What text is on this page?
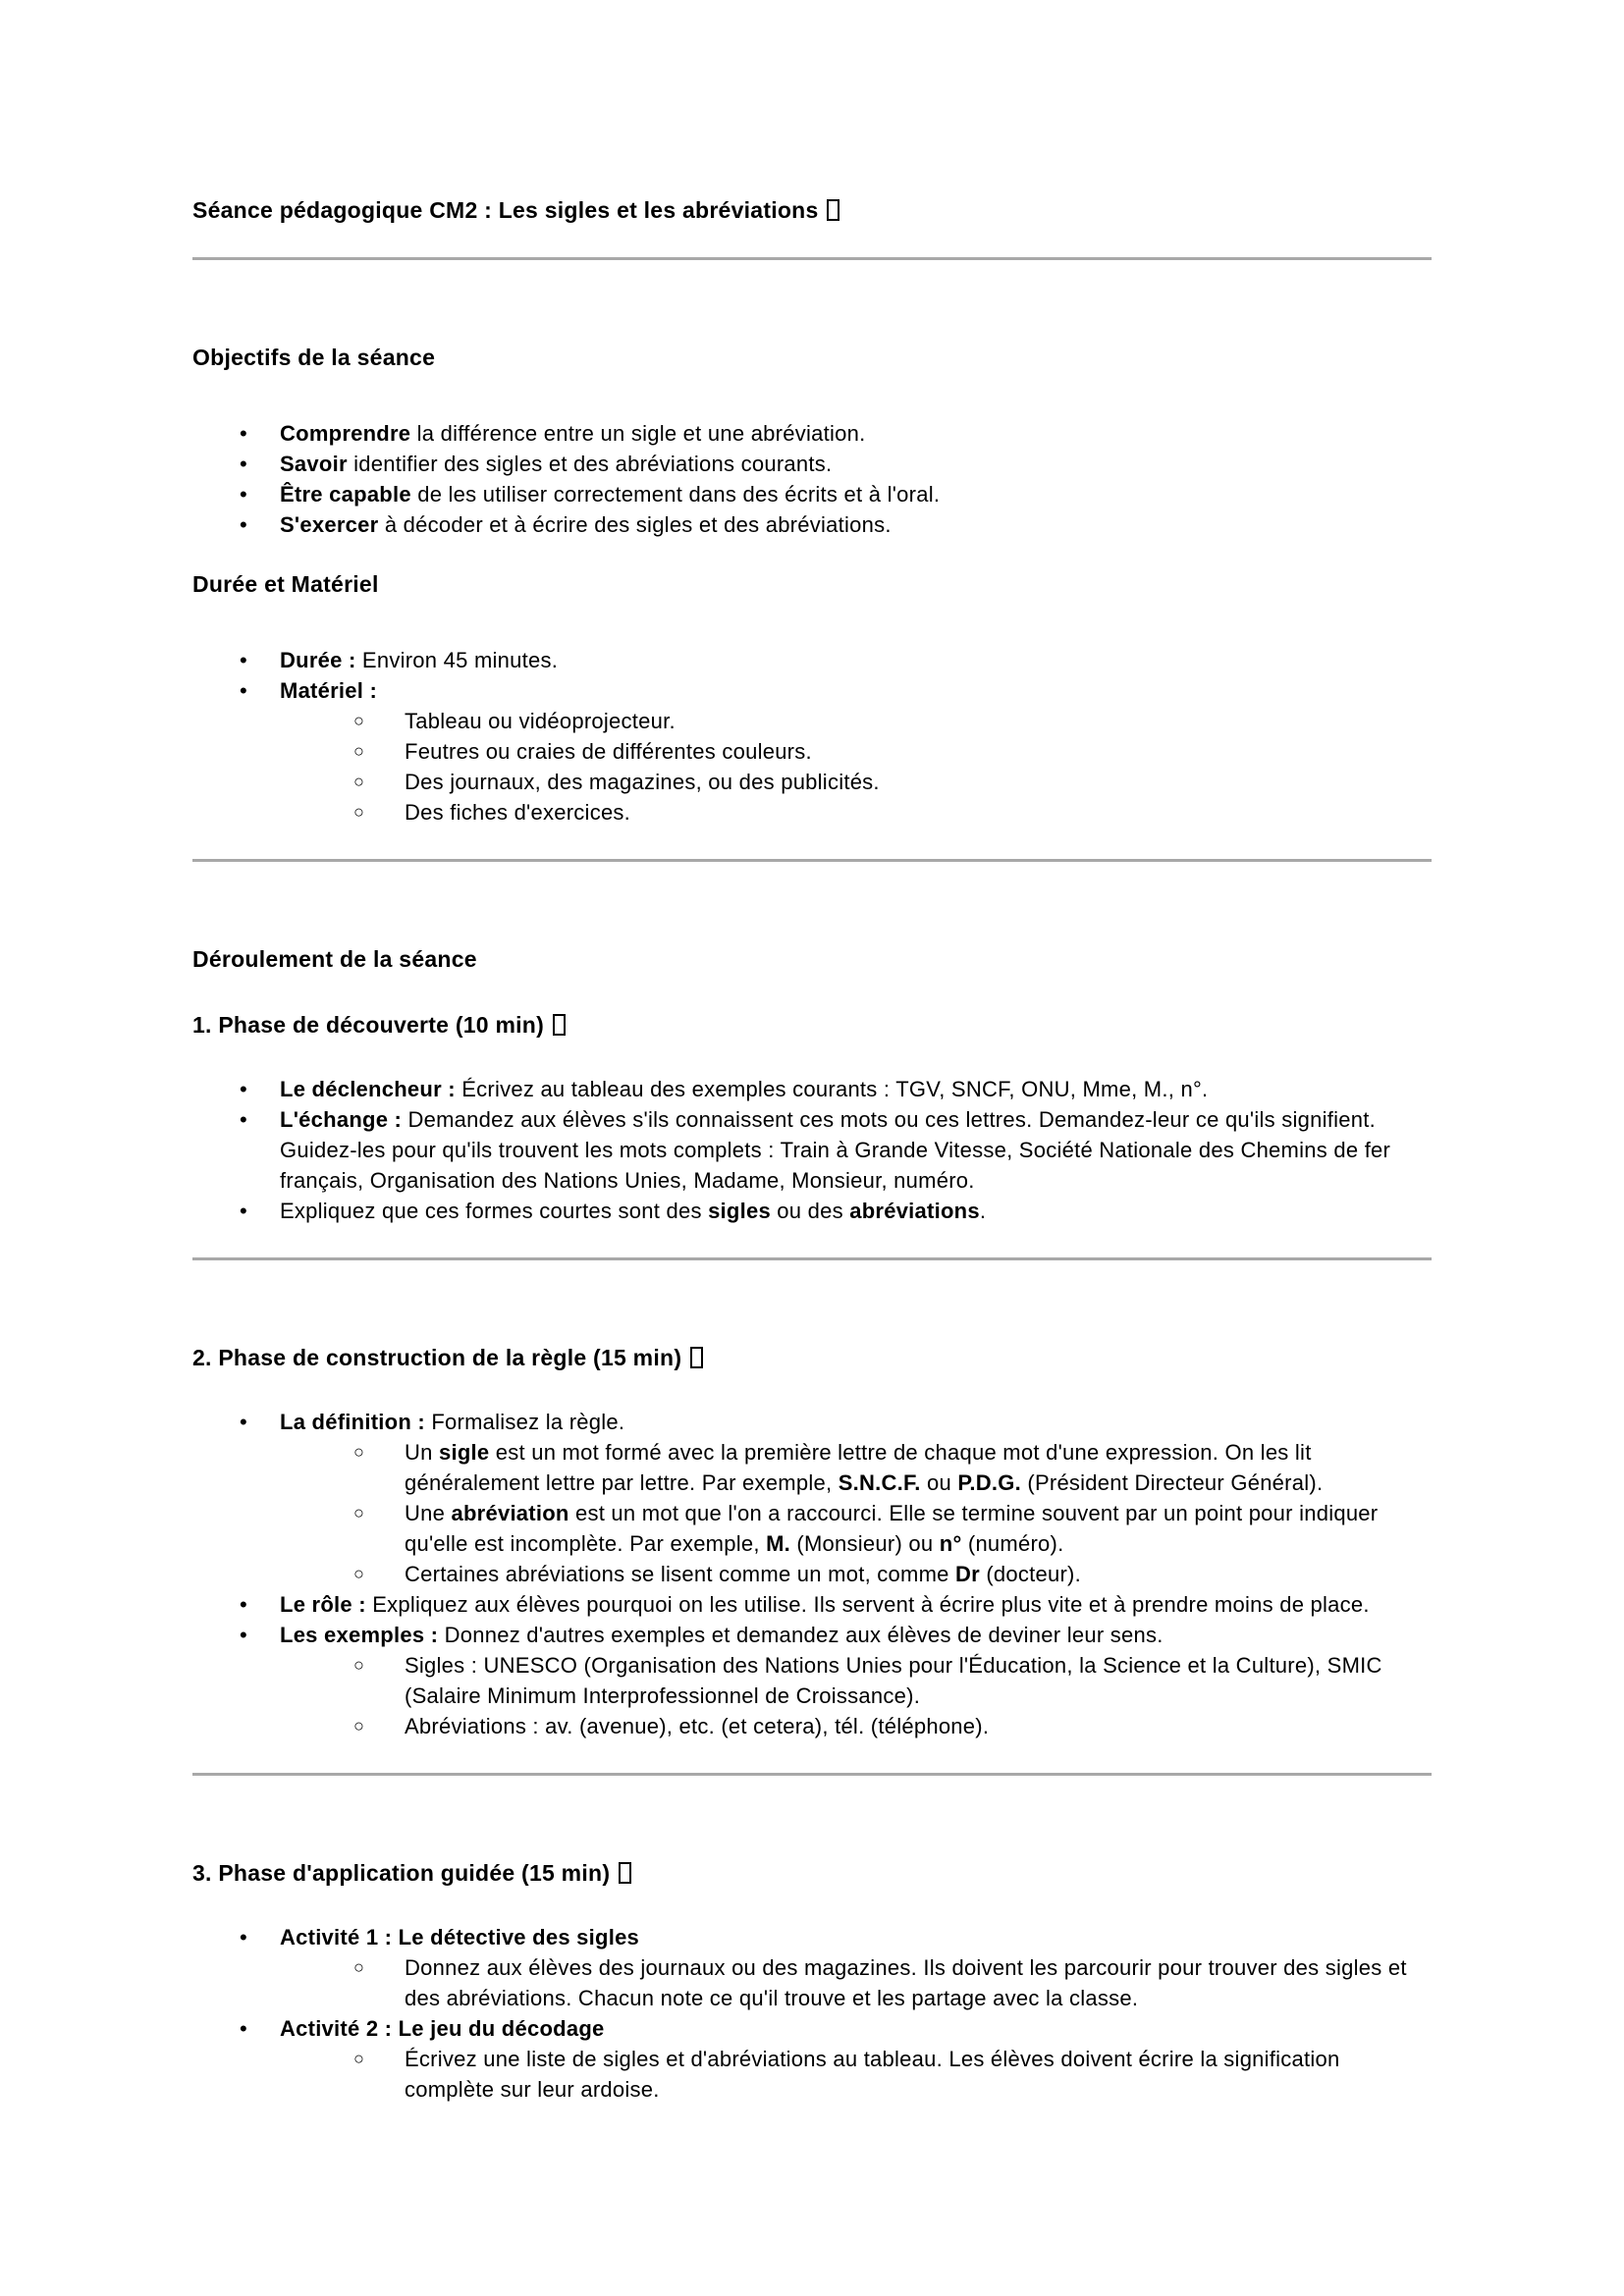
Séance pédagogique CM2 : Les sigles et les abréviations
Objectifs de la séance
• Comprendre la différence entre un sigle et une abréviation.
• Savoir identifier des sigles et des abréviations courants.
• Être capable de les utiliser correctement dans des écrits et à l'oral.
• S'exercer à décoder et à écrire des sigles et des abréviations.
Durée et Matériel
• Durée : Environ 45 minutes.
• Matériel :
○ Tableau ou vidéoprojecteur.
○ Feutres ou craies de différentes couleurs.
○ Des journaux, des magazines, ou des publicités.
○ Des fiches d'exercices.
Déroulement de la séance
1. Phase de découverte (10 min)
• Le déclencheur : Écrivez au tableau des exemples courants : TGV, SNCF, ONU, Mme, M., n°.
• L'échange : Demandez aux élèves s'ils connaissent ces mots ou ces lettres. Demandez-leur ce qu'ils signifient. Guidez-les pour qu'ils trouvent les mots complets : Train à Grande Vitesse, Société Nationale des Chemins de fer français, Organisation des Nations Unies, Madame, Monsieur, numéro.
• Expliquez que ces formes courtes sont des sigles ou des abréviations.
2. Phase de construction de la règle (15 min)
• La définition : Formalisez la règle.
○ Un sigle est un mot formé avec la première lettre de chaque mot d'une expression. On les lit généralement lettre par lettre. Par exemple, S.N.C.F. ou P.D.G. (Président Directeur Général).
○ Une abréviation est un mot que l'on a raccourci. Elle se termine souvent par un point pour indiquer qu'elle est incomplète. Par exemple, M. (Monsieur) ou n° (numéro).
○ Certaines abréviations se lisent comme un mot, comme Dr (docteur).
• Le rôle : Expliquez aux élèves pourquoi on les utilise. Ils servent à écrire plus vite et à prendre moins de place.
• Les exemples : Donnez d'autres exemples et demandez aux élèves de deviner leur sens.
○ Sigles : UNESCO (Organisation des Nations Unies pour l'Éducation, la Science et la Culture), SMIC (Salaire Minimum Interprofessionnel de Croissance).
○ Abréviations : av. (avenue), etc. (et cetera), tél. (téléphone).
3. Phase d'application guidée (15 min)
• Activité 1 : Le détective des sigles
○ Donnez aux élèves des journaux ou des magazines. Ils doivent les parcourir pour trouver des sigles et des abréviations. Chacun note ce qu'il trouve et les partage avec la classe.
• Activité 2 : Le jeu du décodage
○ Écrivez une liste de sigles et d'abréviations au tableau. Les élèves doivent écrire la signification complète sur leur ardoise.
